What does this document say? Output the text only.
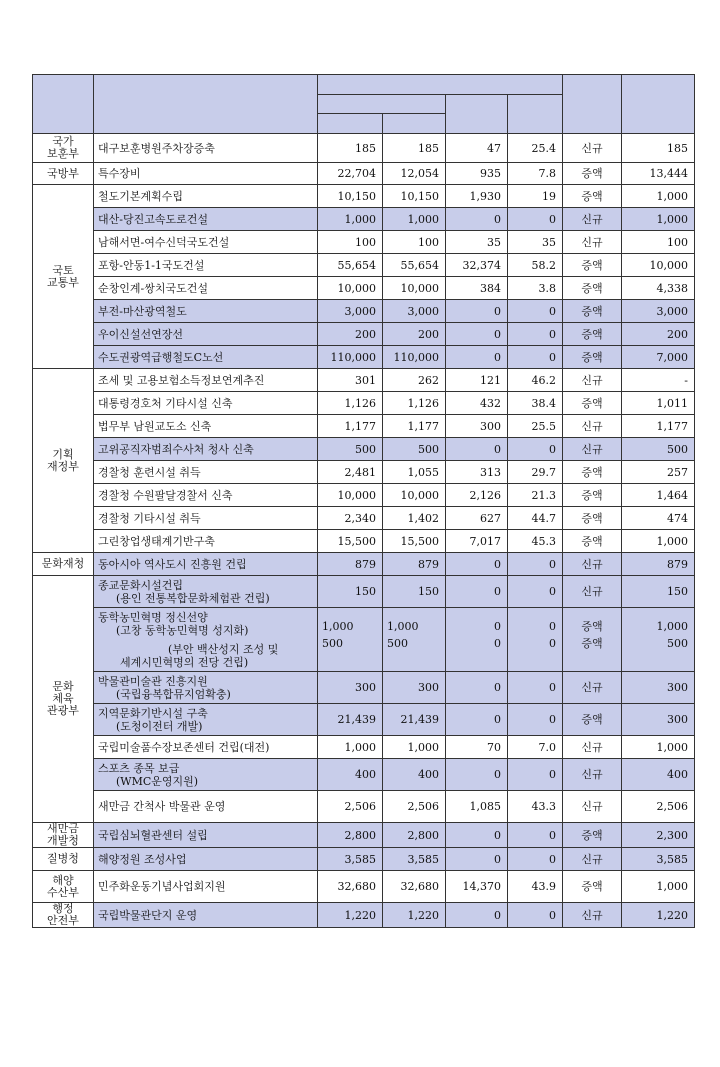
국가
보훈부	대구보훈병원주차장증축	185	185	47	25.4	신규	185

국방부	특수장비	22,704	12,054	935	7.8	증액	13,444

국토
교통부	철도기본계획수립	10,150	10,150	1,930	19	증액	1,000

	대산-당진고속도로건설	1,000	1,000	0	0	신규	1,000

	남해서면-여수신덕국도건설	100	100	35	35	신규	100

	포항-안동1-1국도건설	55,654	55,654	32,374	58.2	증액	10,000

	순창인계-쌍치국도건설	10,000	10,000	384	3.8	증액	4,338

	부전-마산광역철도	3,000	3,000	0	0	증액	3,000

	우이신설선연장선	200	200	0	0	증액	200

	수도권광역급행철도C노선	110,000	110,000	0	0	증액	7,000

기획
재정부	조세 및 고용보험소득정보연계추진	301	262	121	46.2	신규	-

	대통령경호처 기타시설 신축	1,126	1,126	432	38.4	증액	1,011

	법무부 남원교도소 신축	1,177	1,177	300	25.5	신규	1,177

	고위공직자범죄수사처 청사 신축	500	500	0	0	신규	500

	경찰청 훈련시설 취득	2,481	1,055	313	29.7	증액	257

	경찰청 수원팔달경찰서 신축	10,000	10,000	2,126	21.3	증액	1,464

	경찰청 기타시설 취득	2,340	1,402	627	44.7	증액	474

	그린창업생태계기반구축	15,500	15,500	7,017	45.3	증액	1,000

문화재청	동아시아 역사도시 진흥원 건립	879	879	0	0	신규	879

문화
체육
관광부	종교문화시설건립
(용인 전통복합문화체험관 건립)	150	150	0	0	신규	150

	동학농민혁명 정신선양
(고창 동학농민혁명 성지화)
(부안 백산성지 조성 및
세계시민혁명의 전당 건립)	1,000
500	1,000
500	0
0	0
0	증액
증액	1,000
500

	박물관미술관 진흥지원
(국립융복합뮤지엄확충)	300	300	0	0	신규	300

	지역문화기반시설 구축
(도청이전터 개발)	21,439	21,439	0	0	증액	300

	국립미술품수장보존센터 건립(대전)	1,000	1,000	70	7.0	신규	1,000

	스포츠 종목 보급
(WMC운영지원)	400	400	0	0	신규	400

	새만금 간척사 박물관 운영	2,506	2,506	1,085	43.3	신규	2,506

새만금
개발청	국립심뇌혈관센터 설립	2,800	2,800	0	0	증액	2,300

질병청	해양정원 조성사업	3,585	3,585	0	0	신규	3,585

해양
수산부	민주화운동기념사업회지원	32,680	32,680	14,370	43.9	증액	1,000

행정
안전부	국립박물관단지 운영	1,220	1,220	0	0	신규	1,220
